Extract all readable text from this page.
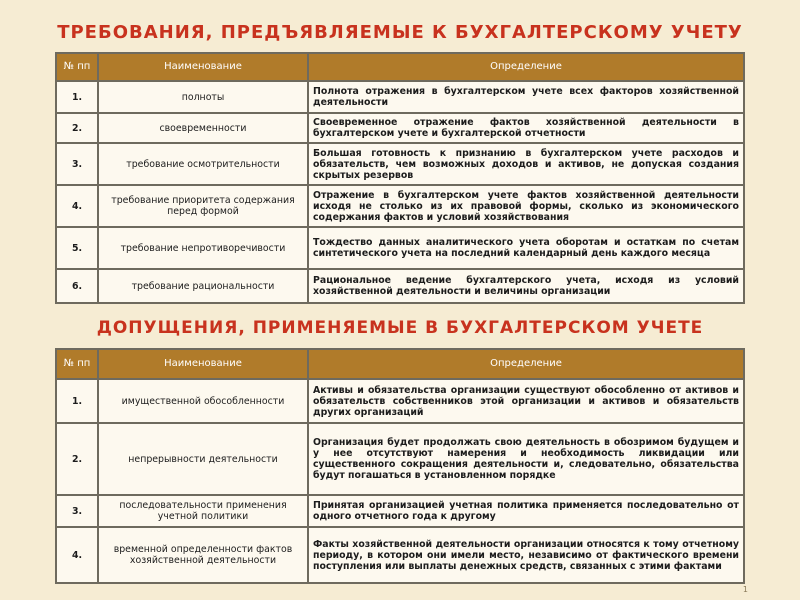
ТРЕБОВАНИЯ, ПРЕДЪЯВЛЯЕМЫЕ К БУХГАЛТЕРСКОМУ УЧЕТУ
№ пп	Наименование	Определение
1.	полноты	Полнота отражения в бухгалтерском учете всех факторов хозяйственной деятельности
2.	своевременности	Своевременное отражение фактов хозяйственной деятельности в бухгалтерском учете и бухгалтерской отчетности
3.	требование осмотрительности	Большая готовность к признанию в бухгалтерском учете расходов и обязательств, чем возможных доходов и активов, не допуская создания скрытых резервов
4.	требование приоритета содержания перед формой	Отражение в бухгалтерском учете фактов хозяйственной деятельности исходя не столько из их правовой формы, сколько из экономического содержания фактов и условий хозяйствования
5.	требование непротиворечивости	Тождество данных аналитического учета оборотам и остаткам по счетам синтетического учета на последний календарный день каждого месяца
6.	требование рациональности	Рациональное ведение бухгалтерского учета, исходя из условий хозяйственной деятельности и величины организации
ДОПУЩЕНИЯ, ПРИМЕНЯЕМЫЕ В БУХГАЛТЕРСКОМ УЧЕТЕ
№ пп	Наименование	Определение
1.	имущественной обособленности	Активы и обязательства организации существуют обособленно от активов и обязательств собственников этой организации и активов и обязательств других организаций
2.	непрерывности деятельности	Организация будет продолжать свою деятельность в обозримом будущем и у нее отсутствуют намерения и необходимость ликвидации или существенного сокращения деятельности и, следовательно, обязательства будут погашаться в установленном порядке
3.	последовательности применения учетной политики	Принятая организацией учетная политика применяется последовательно от одного отчетного года к другому
4.	временной определенности фактов хозяйственной деятельности	Факты хозяйственной деятельности организации относятся к тому отчетному периоду, в котором они имели место, независимо от фактического времени поступления или выплаты денежных средств, связанных с этими фактами
1
